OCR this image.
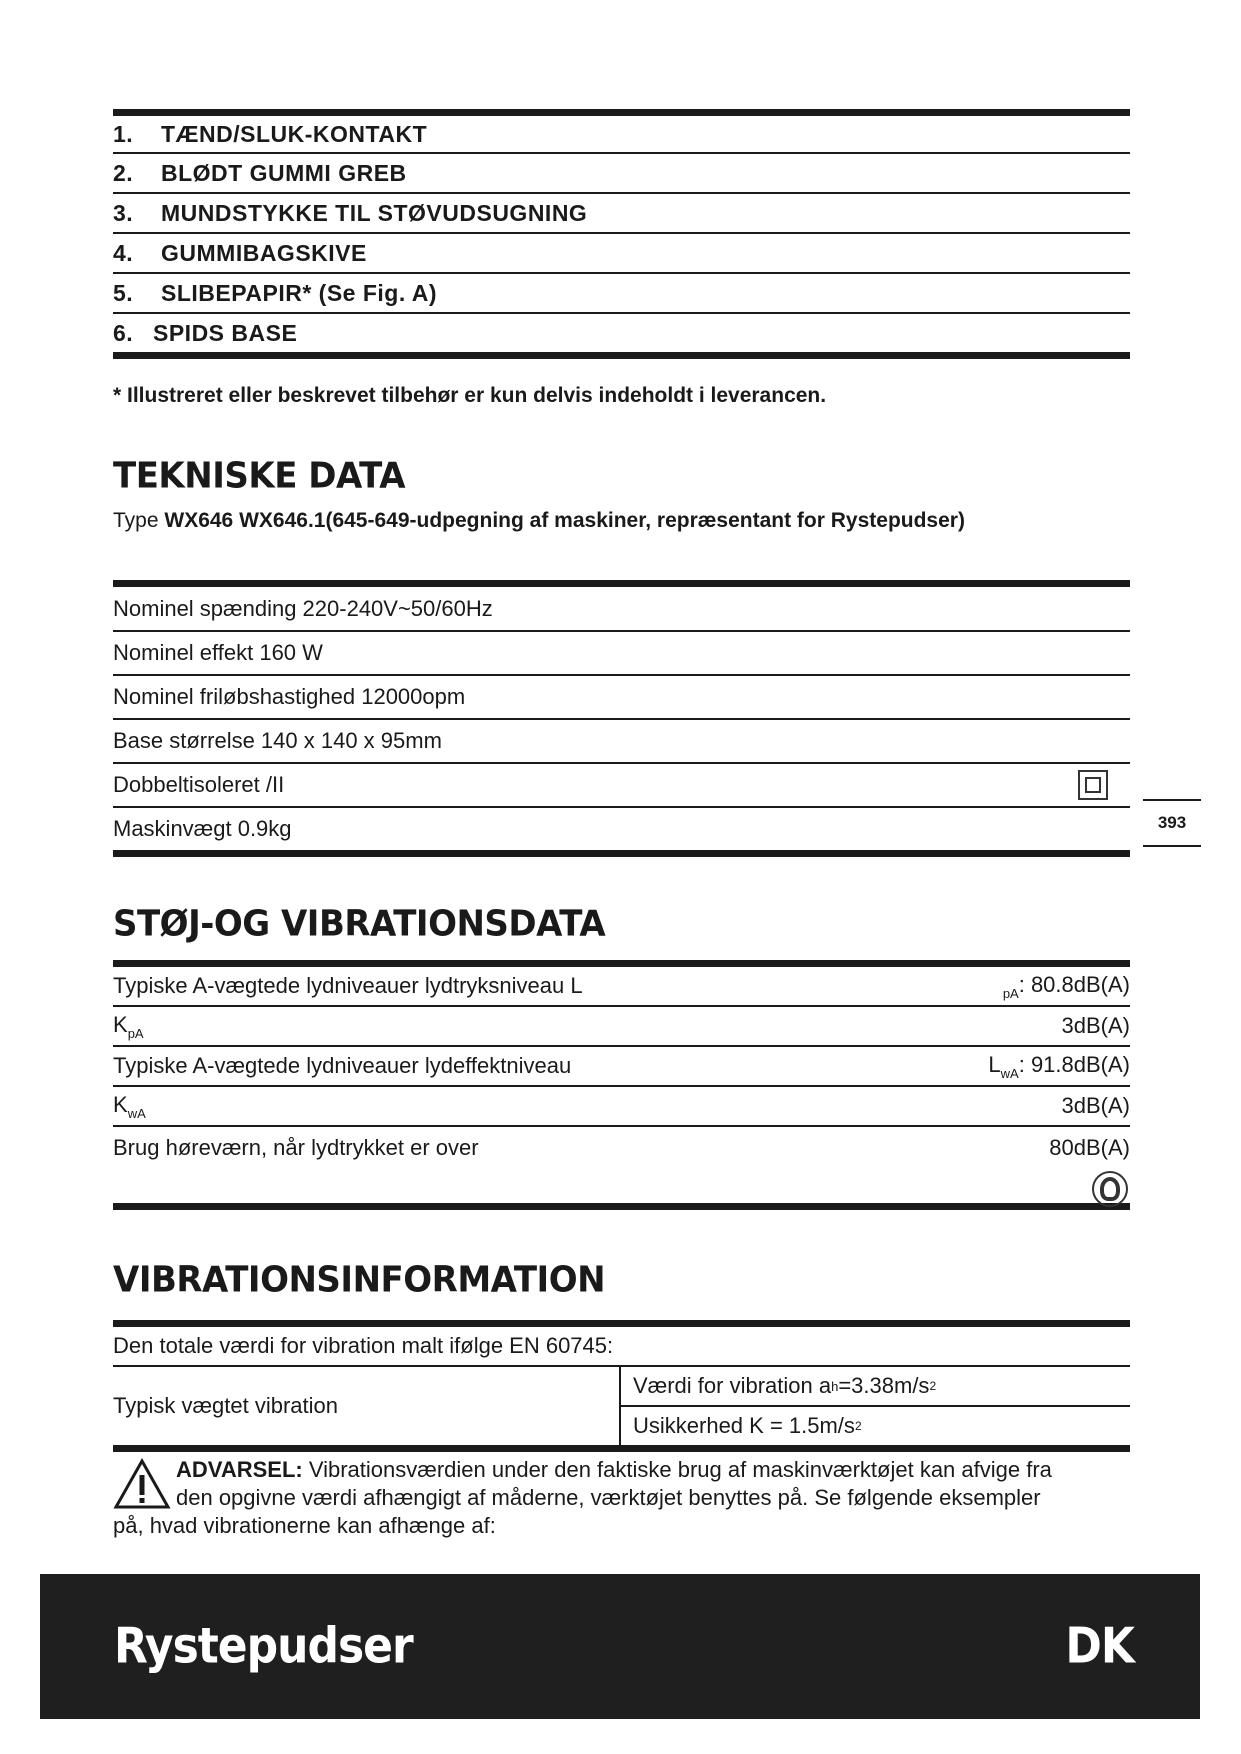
1.	TÆND/SLUK-KONTAKT
2.	BLØDT GUMMI GREB
3.	MUNDSTYKKE TIL STØVUDSUGNING
4.	GUMMIBAGSKIVE
5.	SLIBEPAPIR* (Se Fig. A)
6. SPIDS BASE
* Illustreret eller beskrevet tilbehør er kun delvis indeholdt i leverancen.
TEKNISKE DATA
Type WX646 WX646.1(645-649-udpegning af maskiner, repræsentant for Rystepudser)
Nominel spænding 220-240V~50/60Hz
Nominel effekt 160 W
Nominel friløbshastighed 12000opm
Base størrelse 140 x 140 x 95mm
Dobbeltisoleret /II
Maskinvægt 0.9kg	393
STØJ-OG VIBRATIONSDATA
Typiske A-vægtede lydniveauer lydtryksniveau L	$_{pA}$: 80.8dB(A)
$K_{pA}$	3dB(A)
Typiske A-vægtede lydniveauer lydeffektniveau	$L_{wA}$: 91.8dB(A)
$K_{wA}$	3dB(A)
Brug høreværn, når lydtrykket er over	80dB(A)
VIBRATIONSINFORMATION
Den totale værdi for vibration malt ifølge EN 60745:
Typisk vægtet vibration
Værdi for vibration a h =3.38m/s 2
Usikkerhed K = 1.5m/s 2

ADVARSEL: Vibrationsværdien under den faktiske brug af maskinværktøjet kan afvige fra

den opgivne værdi afhængigt af måderne, værktøjet benyttes på. Se følgende eksempler

på, hvad vibrationerne kan afhænge af:

Rystepudser	DK
